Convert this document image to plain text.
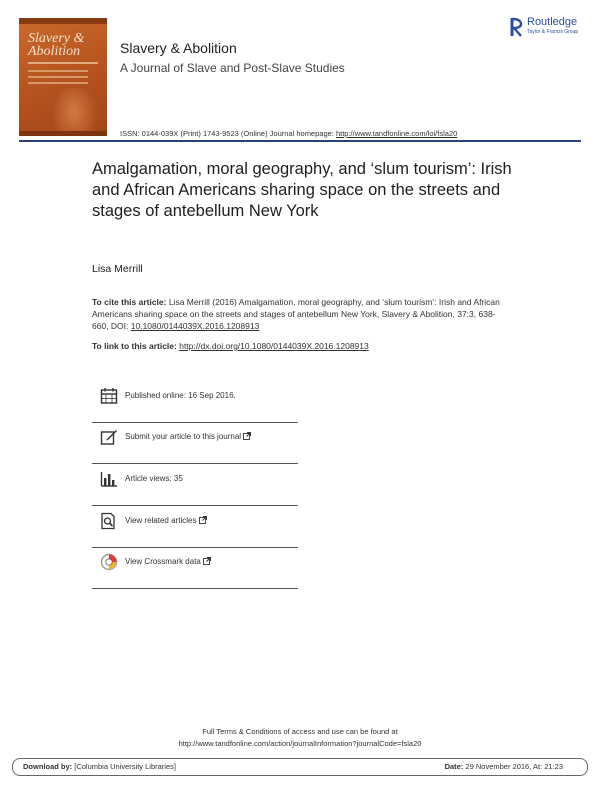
Slavery &
Abolition	Slavery & Abolition
A Journal of Slave and Post-Slave Studies
Routledge
Taylor & Francis Group
ISSN: 0144-039X (Print) 1743-9523 (Online) Journal homepage: http://www.tandfonline.com/loi/fsla20
Amalgamation, moral geography, and ‘slum tourism’: Irish and African Americans sharing space on the streets and stages of antebellum New York
Lisa Merrill
To cite this article: Lisa Merrill (2016) Amalgamation, moral geography, and ‘slum tourism’: Irish and African Americans sharing space on the streets and stages of antebellum New York, Slavery & Abolition, 37:3, 638-660, DOI: 10.1080/0144039X.2016.1208913
To link to this article: http://dx.doi.org/10.1080/0144039X.2016.1208913
Published online: 16 Sep 2016.
Submit your article to this journal
Article views: 35
View related articles
View Crossmark data
Full Terms & Conditions of access and use can be found at
http://www.tandfonline.com/action/journalInformation?journalCode=fsla20
Download by: [Columbia University Libraries]	Date: 29 November 2016, At: 21:23
